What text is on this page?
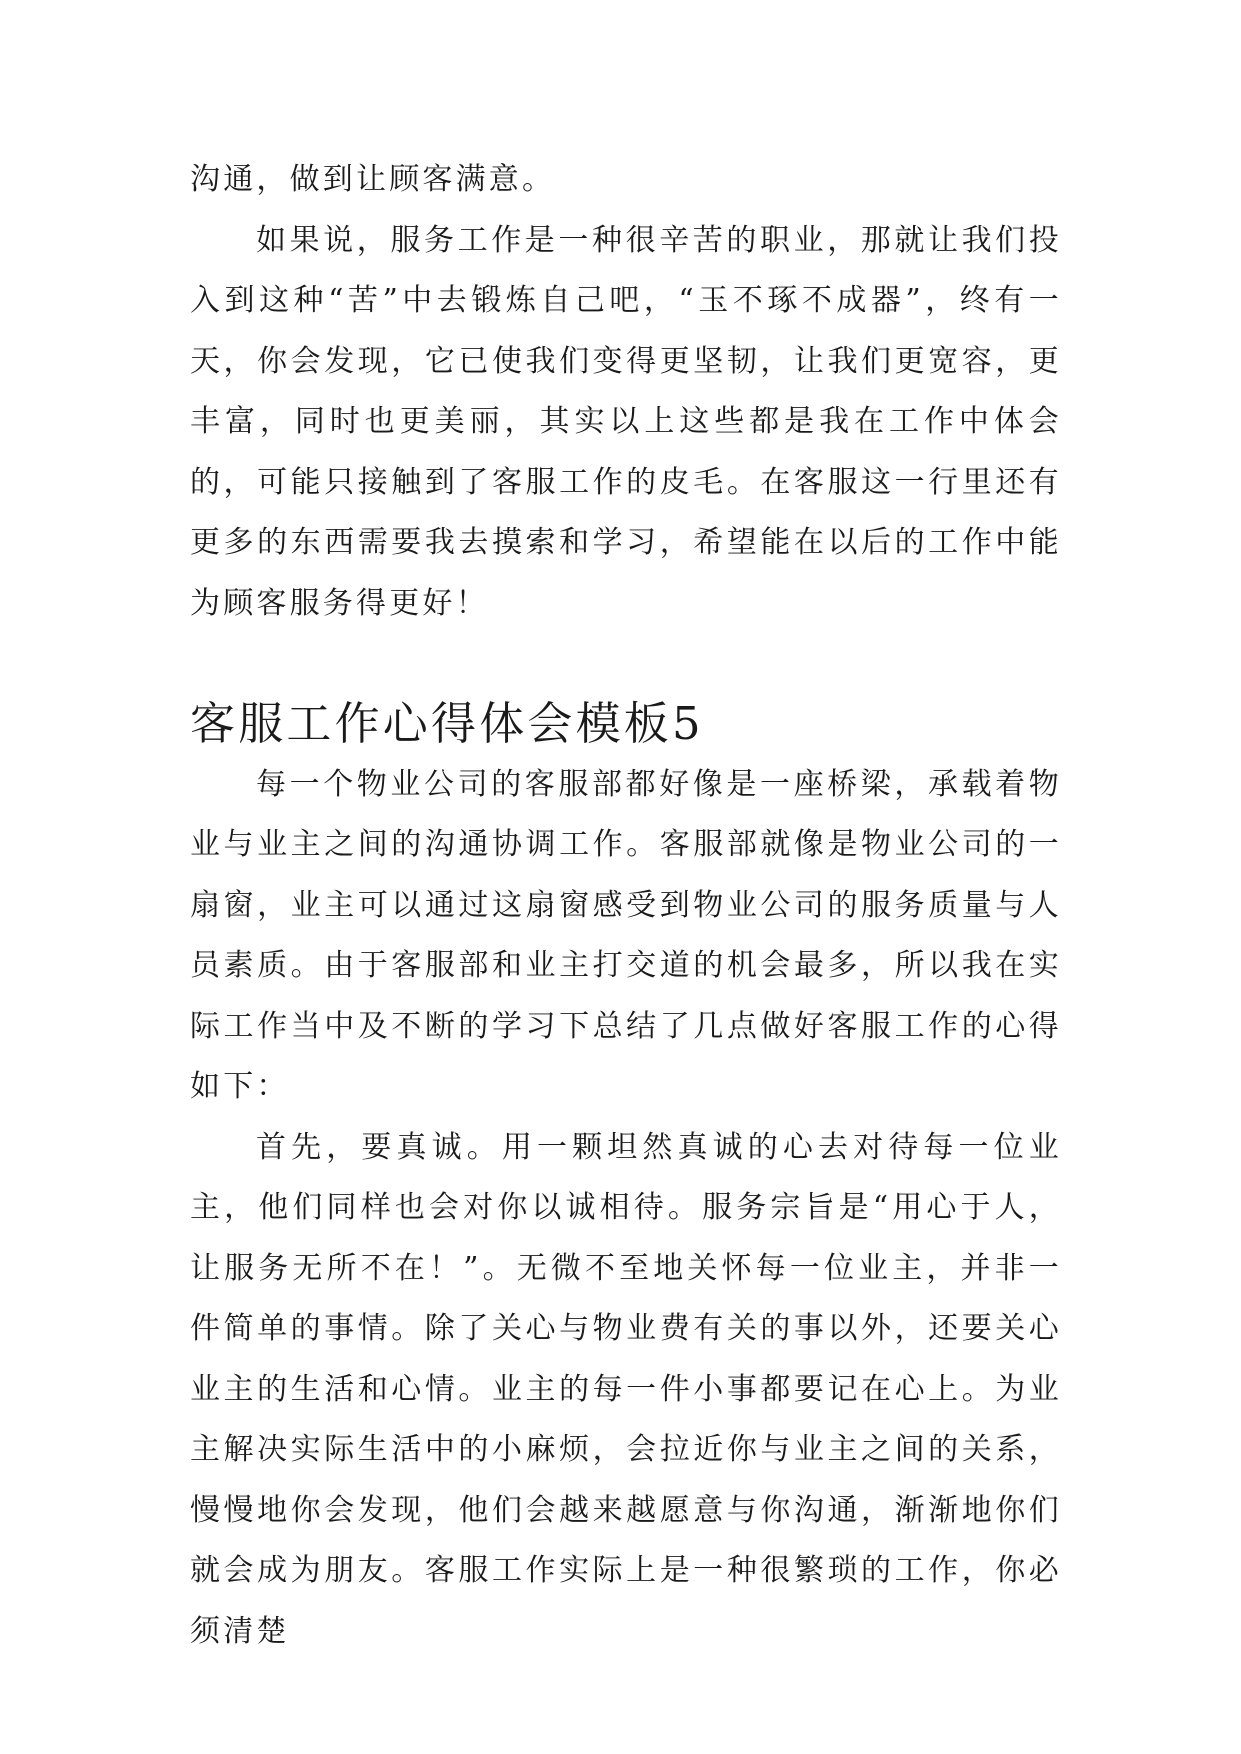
沟通，做到让顾客满意。

如果说，服务工作是一种很辛苦的职业，那就让我们投入到这种“苦”中去锻炼自己吧，“玉不琢不成器”，终有一天，你会发现，它已使我们变得更坚韧，让我们更宽容，更丰富，同时也更美丽，其实以上这些都是我在工作中体会的，可能只接触到了客服工作的皮毛。在客服这一行里还有更多的东西需要我去摸索和学习，希望能在以后的工作中能为顾客服务得更好！

客服工作心得体会模板5

每一个物业公司的客服部都好像是一座桥梁，承载着物业与业主之间的沟通协调工作。客服部就像是物业公司的一扇窗，业主可以通过这扇窗感受到物业公司的服务质量与人员素质。由于客服部和业主打交道的机会最多，所以我在实际工作当中及不断的学习下总结了几点做好客服工作的心得如下：

首先，要真诚。用一颗坦然真诚的心去对待每一位业主，他们同样也会对你以诚相待。服务宗旨是“用心于人，让服务无所不在！”。无微不至地关怀每一位业主，并非一件简单的事情。除了关心与物业费有关的事以外，还要关心业主的生活和心情。业主的每一件小事都要记在心上。为业主解决实际生活中的小麻烦，会拉近你与业主之间的关系，慢慢地你会发现，他们会越来越愿意与你沟通，渐渐地你们就会成为朋友。客服工作实际上是一种很繁琐的工作，你必须清楚
